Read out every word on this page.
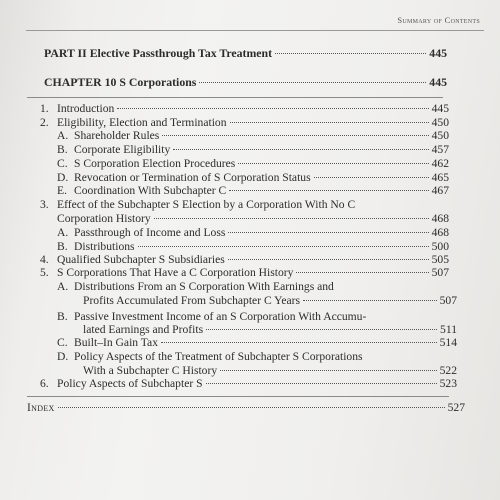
Summary of Contents
PART II Elective Passthrough Tax Treatment	445
CHAPTER 10 S Corporations	445
1. Introduction	445
2. Eligibility, Election and Termination	450
A. Shareholder Rules	450
B. Corporate Eligibility	457
C. S Corporation Election Procedures	462
D. Revocation or Termination of S Corporation Status	465
E. Coordination With Subchapter C	467
3. Effect of the Subchapter S Election by a Corporation With No C
Corporation History	468
A. Passthrough of Income and Loss	468
B. Distributions	500
4. Qualified Subchapter S Subsidiaries	505
5. S Corporations That Have a C Corporation History	507
A. Distributions From an S Corporation With Earnings and
Profits Accumulated From Subchapter C Years	507
B. Passive Investment Income of an S Corporation With Accumu-
lated Earnings and Profits	511
C. Built–In Gain Tax	514
D. Policy Aspects of the Treatment of Subchapter S Corporations
With a Subchapter C History	522
6. Policy Aspects of Subchapter S	523
Index	527
